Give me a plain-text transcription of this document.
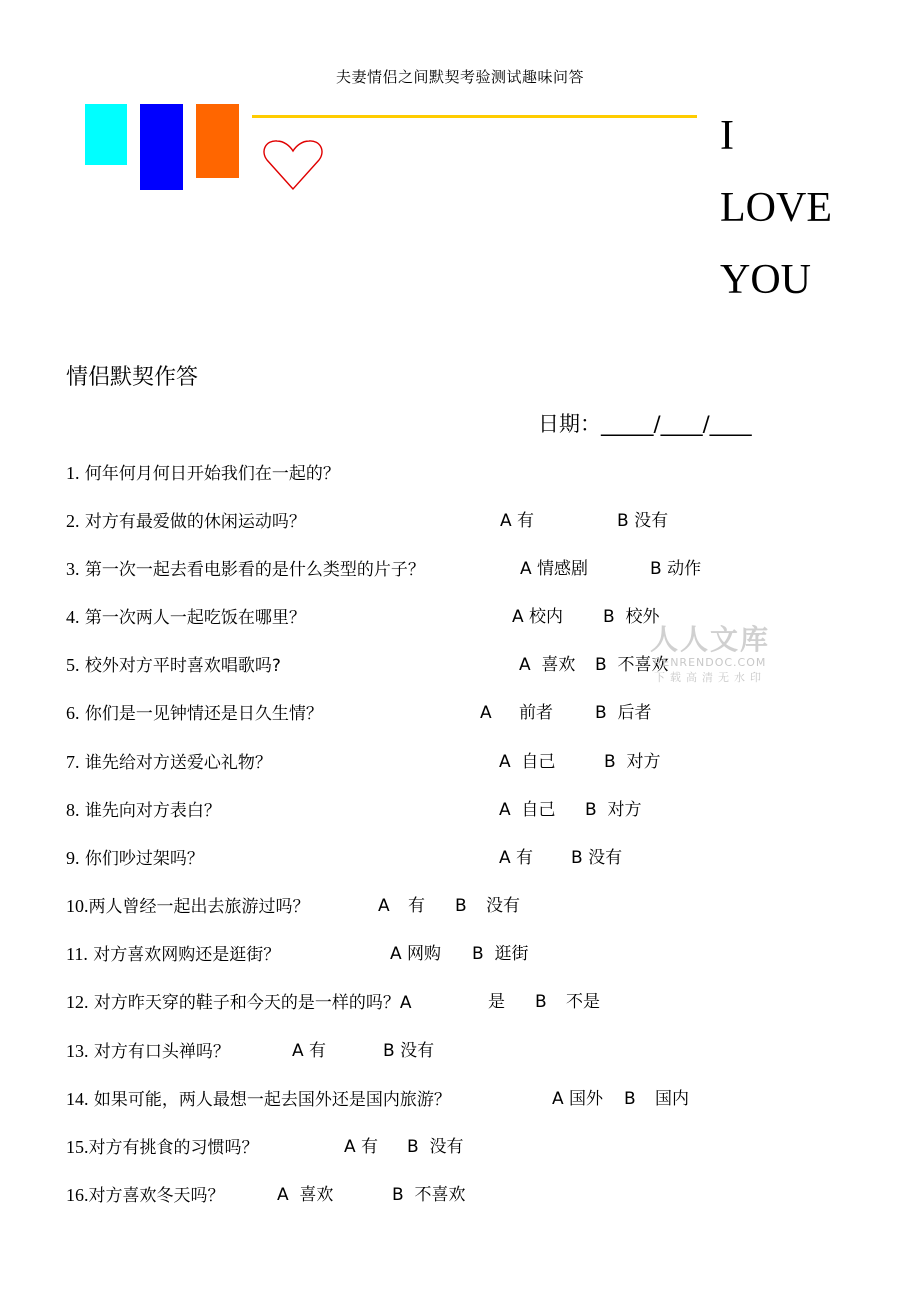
夫妻情侣之间默契考验测试趣味问答
I
LOVE
YOU
情侣默契作答
日期：_____/____/____
1. 何年何月何日开始我们在一起的？
2. 对方有最爱做的休闲运动吗？	A 有	B 没有
3. 第一次一起去看电影看的是什么类型的片子？	A 情感剧	B 动作
4. 第一次两人一起吃饭在哪里？	A 校内 B  校外
5. 校外对方平时喜欢唱歌吗?	A  喜欢 B  不喜欢
6. 你们是一见钟情还是日久生情？	A 前者 B  后者
7. 谁先给对方送爱心礼物？	A  自己	B  对方
8. 谁先向对方表白？	A  自己 B  对方
9. 你们吵过架吗？	A 有 B 没有
10.两人曾经一起出去旅游过吗？	A 有 B 没有
11. 对方喜欢网购还是逛街？	A 网购 B  逛街
12. 对方昨天穿的鞋子和今天的是一样的吗？A	是 B 不是
13. 对方有口头禅吗？	A 有	B 没有
14. 如果可能，两人最想一起去国外还是国内旅游？	A 国外 B 国内
15.对方有挑食的习惯吗？	A 有 B  没有
16.对方喜欢冬天吗？	A  喜欢	B  不喜欢
人人文库
RENRENDOC.COM
下载高清无水印
